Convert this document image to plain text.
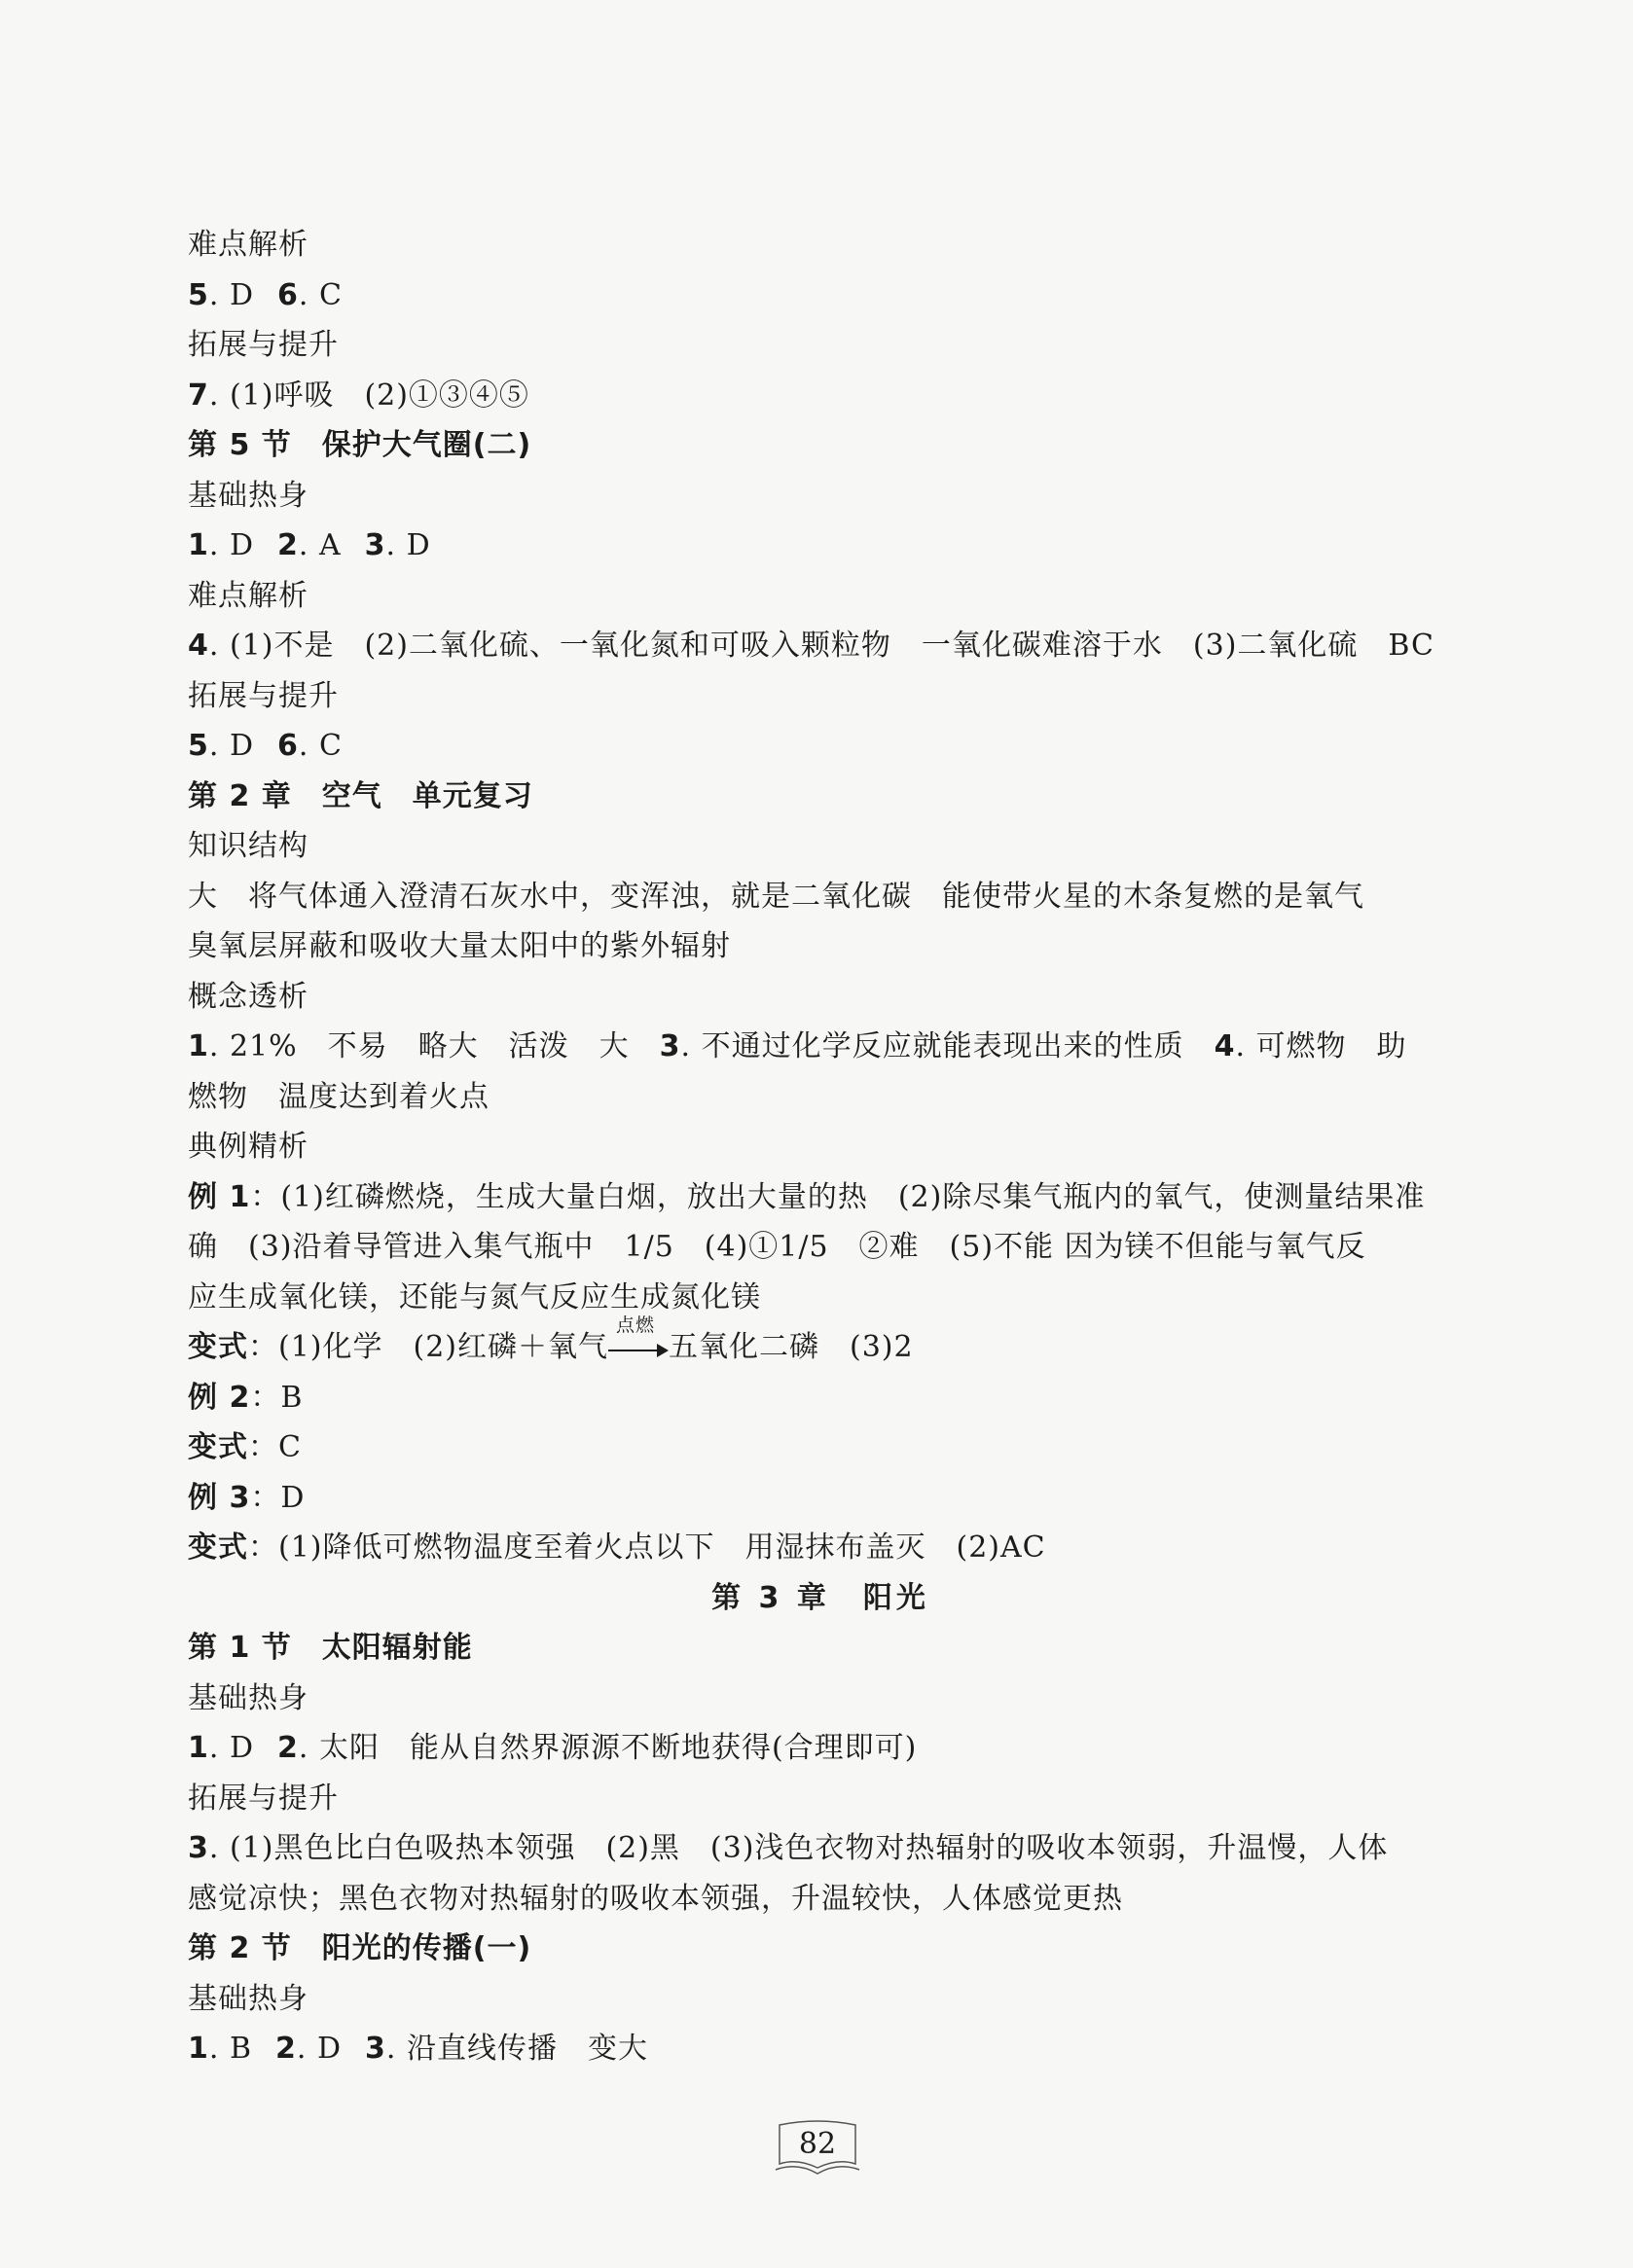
难点解析
5. D 6. C
拓展与提升
7. (1)呼吸　(2)①③④⑤
第 5 节　保护大气圈(二)
基础热身
1. D 2. A 3. D
难点解析
4. (1)不是　(2)二氧化硫、一氧化氮和可吸入颗粒物　一氧化碳难溶于水　(3)二氧化硫　BC
拓展与提升
5. D 6. C
第 2 章　空气　单元复习
知识结构
大　将气体通入澄清石灰水中，变浑浊，就是二氧化碳　能使带火星的木条复燃的是氧气
臭氧层屏蔽和吸收大量太阳中的紫外辐射
概念透析
1. 21%　不易　略大　活泼　大　3. 不通过化学反应就能表现出来的性质　4. 可燃物　助
燃物　温度达到着火点
典例精析
例 1：(1)红磷燃烧，生成大量白烟，放出大量的热　(2)除尽集气瓶内的氧气，使测量结果准
确　(3)沿着导管进入集气瓶中　1/5　(4)①1/5　②难　(5)不能 因为镁不但能与氧气反
应生成氧化镁，还能与氮气反应生成氮化镁
变式：(1)化学　(2)红磷＋氧气
点燃
五氧化二磷　(3)2
例 2：B
变式：C
例 3：D
变式：(1)降低可燃物温度至着火点以下　用湿抹布盖灭　(2)AC
第 3 章　阳光
第 1 节　太阳辐射能
基础热身
1. D 2. 太阳　能从自然界源源不断地获得(合理即可)
拓展与提升
3. (1)黑色比白色吸热本领强　(2)黑　(3)浅色衣物对热辐射的吸收本领弱，升温慢，人体
感觉凉快；黑色衣物对热辐射的吸收本领强，升温较快，人体感觉更热
第 2 节　阳光的传播(一)
基础热身
1. B 2. D 3. 沿直线传播　变大
82
